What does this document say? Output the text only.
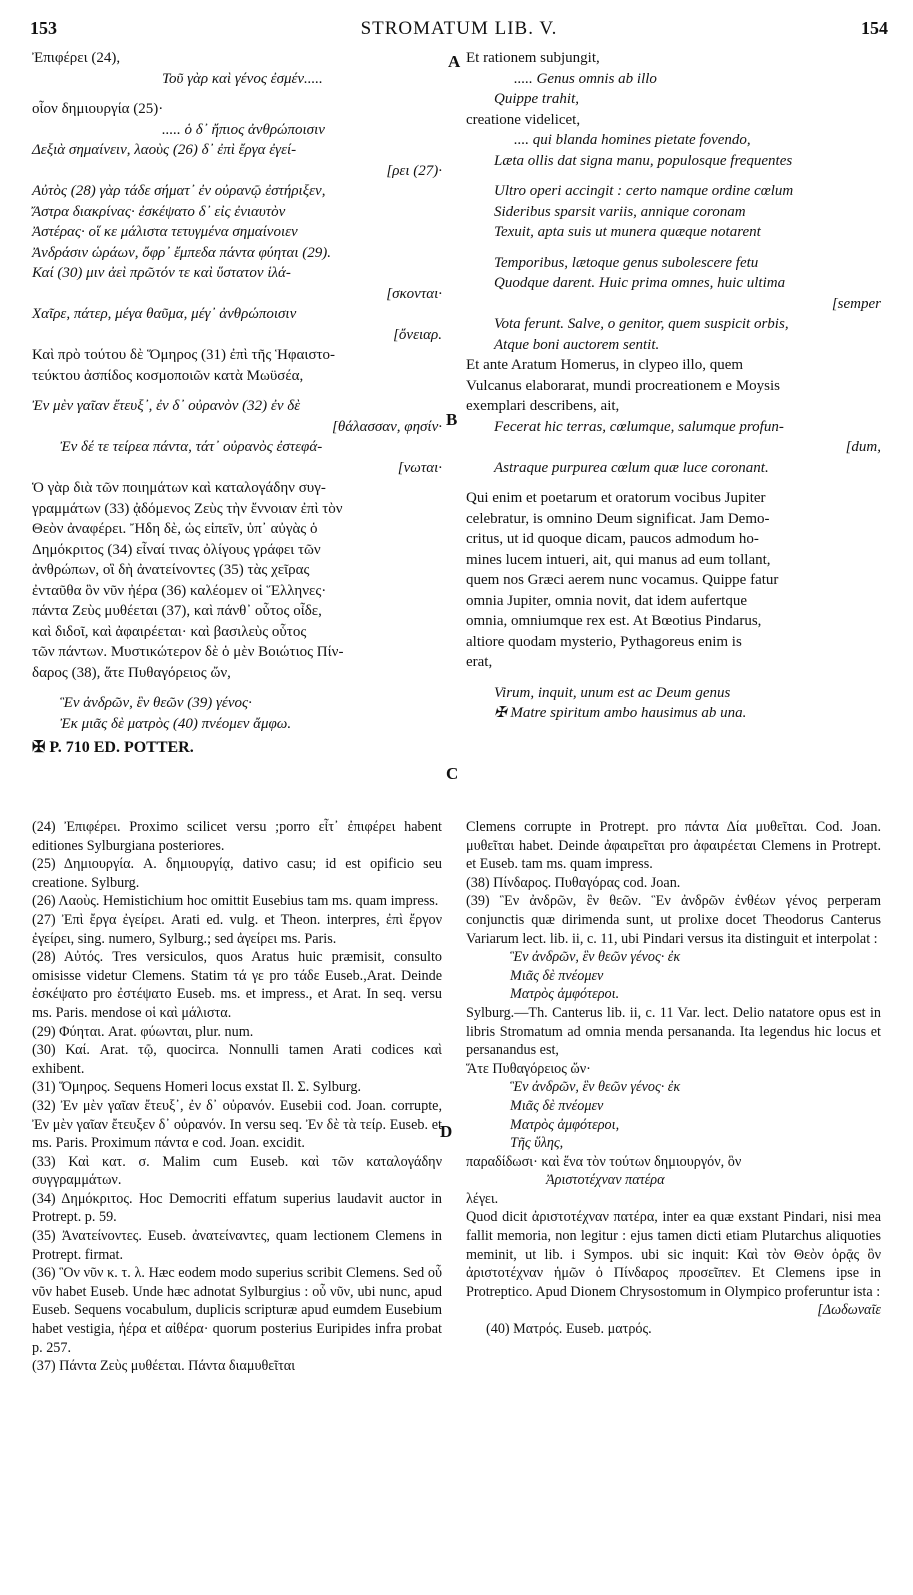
153	STROMATUM LIB. V.	154
A
B
C
D

Ἐπιφέρει (24),

Τοῦ γὰρ καὶ γένος ἐσμέν.....

οἷον δημιουργία (25)·

..... ὁ δ᾽ ἤπιος ἀνθρώποισιν

Δεξιὰ σημαίνειν, λαοὺς (26) δ᾽ ἐπὶ ἔργα ἐγεί-

[ρει (27)·

Αὐτὸς (28) γὰρ τάδε σήματ᾽ ἐν οὐρανῷ ἐστήριξεν,

Ἄστρα διακρίνας· ἐσκέψατο δ᾽ εἰς ἐνιαυτὸν

Ἀστέρας· οἵ κε μάλιστα τετυγμένα σημαίνοιεν

Ἀνδράσιν ὡράων, ὄφρ᾽ ἔμπεδα πάντα φύηται (29).

Καί (30) μιν ἀεὶ πρῶτόν τε καὶ ὕστατον ἱλά-

[σκονται·

Χαῖρε, πάτερ, μέγα θαῦμα, μέγ᾽ ἀνθρώποισιν

[ὄνειαρ.

Καὶ πρὸ τούτου δὲ Ὅμηρος (31) ἐπὶ τῆς Ἡφαιστο-

τεύκτου ἀσπίδος κοσμοποιῶν κατὰ Μωϋσέα,

Ἐν μὲν γαῖαν ἔτευξ᾽, ἐν δ᾽ οὐρανὸν (32) ἐν δὲ

[θάλασσαν, φησίν·

Ἐν δέ τε τείρεα πάντα, τάτ᾽ οὐρανὸς ἐστεφά-

[νωται·

Ὁ γὰρ διὰ τῶν ποιημάτων καὶ καταλογάδην συγ-

γραμμάτων (33) ᾀδόμενος Ζεὺς τὴν ἔννοιαν ἐπὶ τὸν

Θεὸν ἀναφέρει. Ἤδη δὲ, ὡς εἰπεῖν, ὑπ᾽ αὐγὰς ὁ

Δημόκριτος (34) εἶναί τινας ὀλίγους γράφει τῶν

ἀνθρώπων, οἳ δὴ ἀνατείνοντες (35) τὰς χεῖρας

ἐνταῦθα ὃν νῦν ἠέρα (36) καλέομεν οἱ Ἕλληνες·

πάντα Ζεὺς μυθέεται (37), καὶ πάνθ᾽ οὗτος οἶδε,

καὶ διδοῖ, καὶ ἀφαιρέεται· καὶ βασιλεὺς οὗτος

τῶν πάντων. Μυστικώτερον δὲ ὁ μὲν Βοιώτιος Πίν-

δαρος (38), ἅτε Πυθαγόρειος ὤν,

Ἓν ἀνδρῶν, ἓν θεῶν (39) γένος·

Ἐκ μιᾶς δὲ ματρὸς (40) πνέομεν ἄμφω.

✠ P. 710 ED. POTTER.

Et rationem subjungit,

..... Genus omnis ab illo

Quippe trahit,

creatione videlicet,

.... qui blanda homines pietate fovendo,

Læta ollis dat signa manu, populosque frequentes

Ultro operi accingit : certo namque ordine cœlum

Sideribus sparsit variis, annique coronam

Texuit, apta suis ut munera quæque notarent

Temporibus, lætoque genus subolescere fetu

Quodque darent. Huic prima omnes, huic ultima

[semper

Vota ferunt. Salve, o genitor, quem suspicit orbis,

Atque boni auctorem sentit.

Et ante Aratum Homerus, in clypeo illo, quem

Vulcanus elaborarat, mundi procreationem e Moysis

exemplari describens, ait,

Fecerat hic terras, cœlumque, salumque profun-

[dum,

Astraque purpurea cœlum quæ luce coronant.

Qui enim et poetarum et oratorum vocibus Jupiter

celebratur, is omnino Deum significat. Jam Demo-

critus, ut id quoque dicam, paucos admodum ho-

mines lucem intueri, ait, qui manus ad eum tollant,

quem nos Græci aerem nunc vocamus. Quippe fatur

omnia Jupiter, omnia novit, dat idem aufertque

omnia, omniumque rex est. At Bœotius Pindarus,

altiore quodam mysterio, Pythagoreus enim is

erat,

Virum, inquit, unum est ac Deum genus

✠ Matre spiritum ambo hausimus ab una.

(24) Ἐπιφέρει. Proximo scilicet versu ;porro εἶτ᾽ ἐπιφέρει habent editiones Sylburgiana posteriores.

(25) Δημιουργία. A. δημιουργίᾳ, dativo casu; id est opificio seu creatione. Sylburg.

(26) Λαοὺς. Hemistichium hoc omittit Eusebius tam ms. quam impress.

(27) Ἐπὶ ἔργα ἐγείρει. Arati ed. vulg. et Theon. interpres, ἐπὶ ἔργον ἐγείρει, sing. numero, Sylburg.; sed ἀγείρει ms. Paris.

(28) Αὐτός. Tres versiculos, quos Aratus huic præmisit, consulto omisisse videtur Clemens. Statim τά γε pro τάδε Euseb.,Arat. Deinde ἐσκέψατο pro ἐστέψατο Euseb. ms. et impress., et Arat. In seq. versu ms. Paris. mendose οἱ καὶ μάλιστα.

(29) Φύηται. Arat. φύωνται, plur. num.

(30) Καί. Arat. τῷ, quocirca. Nonnulli tamen Arati codices καὶ exhibent.

(31) Ὅμηρος. Sequens Homeri locus exstat Il. Σ. Sylburg.

(32) Ἐν μὲν γαῖαν ἔτευξ᾽, ἐν δ᾽ οὐρανόν. Eusebii cod. Joan. corrupte, Ἐν μὲν γαῖαν ἔτευξεν δ᾽ οὐρανόν. In versu seq. Ἐν δὲ τὰ τείρ. Euseb. et ms. Paris. Proximum πάντα e cod. Joan. excidit.

(33) Καὶ κατ. σ. Malim cum Euseb. καὶ τῶν καταλογάδην συγγραμμάτων.

(34) Δημόκριτος. Hoc Democriti effatum superius laudavit auctor in Protrept. p. 59.

(35) Ἀνατείνοντες. Euseb. ἀνατείναντες, quam lectionem Clemens in Protrept. firmat.

(36) Ὃν νῦν κ. τ. λ. Hæc eodem modo superius scribit Clemens. Sed οὗ νῦν habet Euseb. Unde hæc adnotat Sylburgius : οὗ νῦν, ubi nunc, apud Euseb. Sequens vocabulum, duplicis scripturæ apud eumdem Eusebium habet vestigia, ἠέρα et αἰθέρα· quorum posterius Euripides infra probat p. 257.

(37) Πάντα Ζεὺς μυθέεται. Πάντα διαμυθεῖται

Clemens corrupte in Protrept. pro πάντα Δία μυθεῖται. Cod. Joan. μυθεῖται habet. Deinde ἀφαιρεῖται pro ἀφαιρέεται Clemens in Protrept. et Euseb. tam ms. quam impress.

(38) Πίνδαρος. Πυθαγόρας cod. Joan.

(39) Ἓν ἀνδρῶν, ἓν θεῶν. Ἓν ἀνδρῶν ἐνθέων γένος perperam conjunctis quæ dirimenda sunt, ut prolixe docet Theodorus Canterus Variarum lect. lib. ii, c. 11, ubi Pindari versus ita distinguit et interpolat :

Ἓν ἀνδρῶν, ἓν θεῶν γένος· ἐκ

Μιᾶς δὲ πνέομεν

Ματρὸς ἀμφότεροι.

Sylburg.—Th. Canterus lib. ii, c. 11 Var. lect. Delio natatore opus est in libris Stromatum ad omnia menda persananda. Ita legendus hic locus et persanandus est,

Ἅτε Πυθαγόρειος ὤν·

Ἓν ἀνδρῶν, ἓν θεῶν γένος· ἐκ

Μιᾶς δὲ πνέομεν

Ματρὸς ἀμφότεροι,

Τῆς ὕλης,

παραδίδωσι· καὶ ἕνα τὸν τούτων δημιουργόν, ὃν

Ἀριστοτέχναν πατέρα

λέγει.

Quod dicit ἀριστοτέχναν πατέρα, inter ea quæ exstant Pindari, nisi mea fallit memoria, non legitur : ejus tamen dicti etiam Plutarchus aliquoties meminit, ut lib. i Sympos. ubi sic inquit: Καὶ τὸν Θεὸν ὁρᾷς ὃν ἀριστοτέχναν ἡμῶν ὁ Πίνδαρος προσεῖπεν. Et Clemens ipse in Protreptico. Apud Dionem Chrysostomum in Olympico proferuntur ista :

[Δωδωναῖε

(40) Ματρός. Euseb. ματρός.
